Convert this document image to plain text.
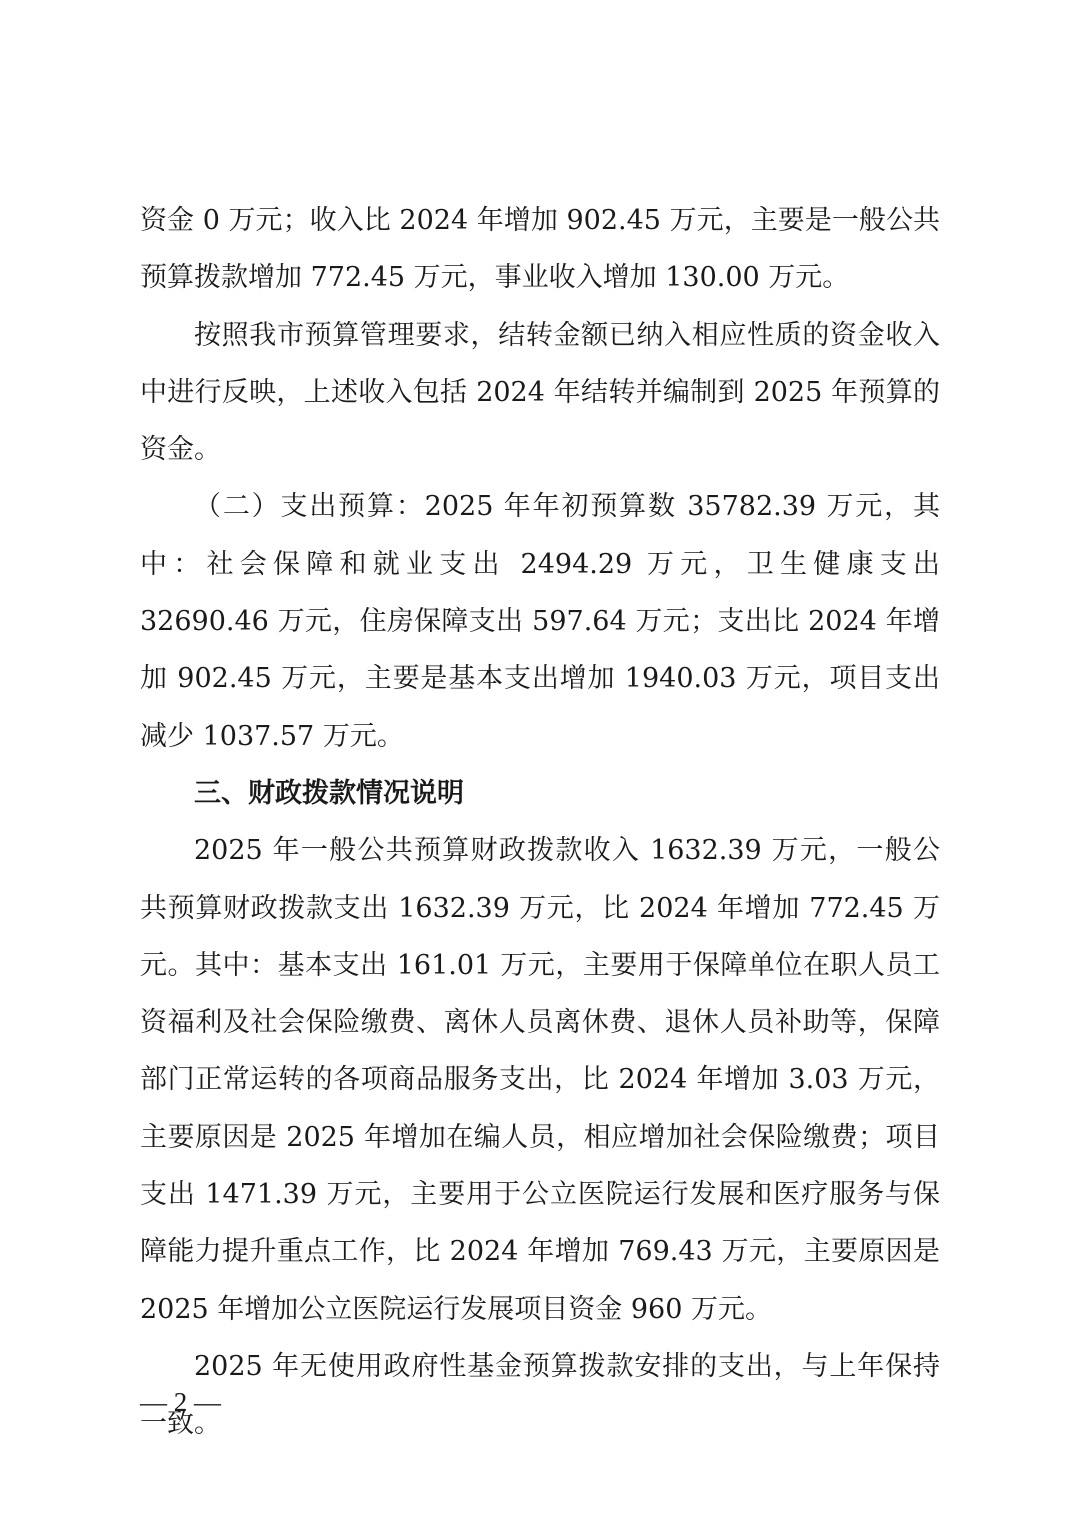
资金 0 万元；收入比 2024 年增加 902.45 万元，主要是一般公共预算拨款增加 772.45 万元，事业收入增加 130.00 万元。

按照我市预算管理要求，结转金额已纳入相应性质的资金收入中进行反映，上述收入包括 2024 年结转并编制到 2025 年预算的资金。

（二）支出预算：2025 年年初预算数 35782.39 万元，其中：社会保障和就业支出 2494.29 万元，卫生健康支出 32690.46 万元，住房保障支出 597.64 万元；支出比 2024 年增加 902.45 万元，主要是基本支出增加 1940.03 万元，项目支出减少 1037.57 万元。

三、财政拨款情况说明

2025 年一般公共预算财政拨款收入 1632.39 万元，一般公共预算财政拨款支出 1632.39 万元，比 2024 年增加 772.45 万元。其中：基本支出 161.01 万元，主要用于保障单位在职人员工资福利及社会保险缴费、离休人员离休费、退休人员补助等，保障部门正常运转的各项商品服务支出，比 2024 年增加 3.03 万元，主要原因是 2025 年增加在编人员，相应增加社会保险缴费；项目支出 1471.39 万元，主要用于公立医院运行发展和医疗服务与保障能力提升重点工作，比 2024 年增加 769.43 万元，主要原因是 2025 年增加公立医院运行发展项目资金 960 万元。

2025 年无使用政府性基金预算拨款安排的支出，与上年保持一致。

— 2 —
